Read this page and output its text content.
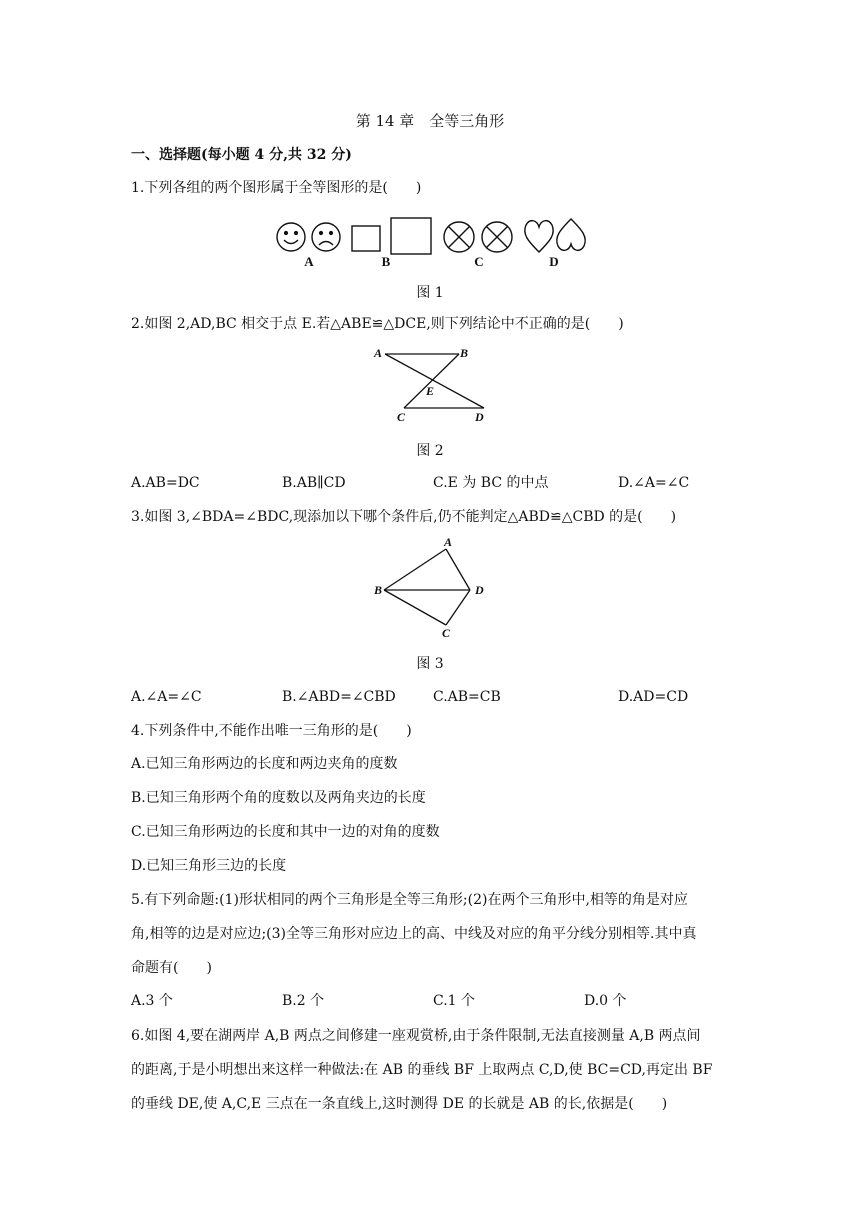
第 14 章　全等三角形
一、选择题(每小题 4 分,共 32 分)
1.下列各组的两个图形属于全等图形的是(　　)
A	B	C	D
图 1
2.如图 2,AD,BC 相交于点 E.若△ABE≌△DCE,则下列结论中不正确的是(　　)
A	B
E
C	D
图 2
A.AB=DC	B.AB∥CD	C.E 为 BC 的中点	D.∠A=∠C
3.如图 3,∠BDA=∠BDC,现添加以下哪个条件后,仍不能判定△ABD≌△CBD 的是(　　)
A
B	D
C
图 3
A.∠A=∠C	B.∠ABD=∠CBD	C.AB=CB	D.AD=CD
4.下列条件中,不能作出唯一三角形的是(　　)
A.已知三角形两边的长度和两边夹角的度数
B.已知三角形两个角的度数以及两角夹边的长度
C.已知三角形两边的长度和其中一边的对角的度数
D.已知三角形三边的长度
5.有下列命题:(1)形状相同的两个三角形是全等三角形;(2)在两个三角形中,相等的角是对应
角,相等的边是对应边;(3)全等三角形对应边上的高、中线及对应的角平分线分别相等.其中真
命题有(　　)
A.3 个	B.2 个	C.1 个	D.0 个
6.如图 4,要在湖两岸 A,B 两点之间修建一座观赏桥,由于条件限制,无法直接测量 A,B 两点间
的距离,于是小明想出来这样一种做法:在 AB 的垂线 BF 上取两点 C,D,使 BC=CD,再定出 BF
的垂线 DE,使 A,C,E 三点在一条直线上,这时测得 DE 的长就是 AB 的长,依据是(　　)
